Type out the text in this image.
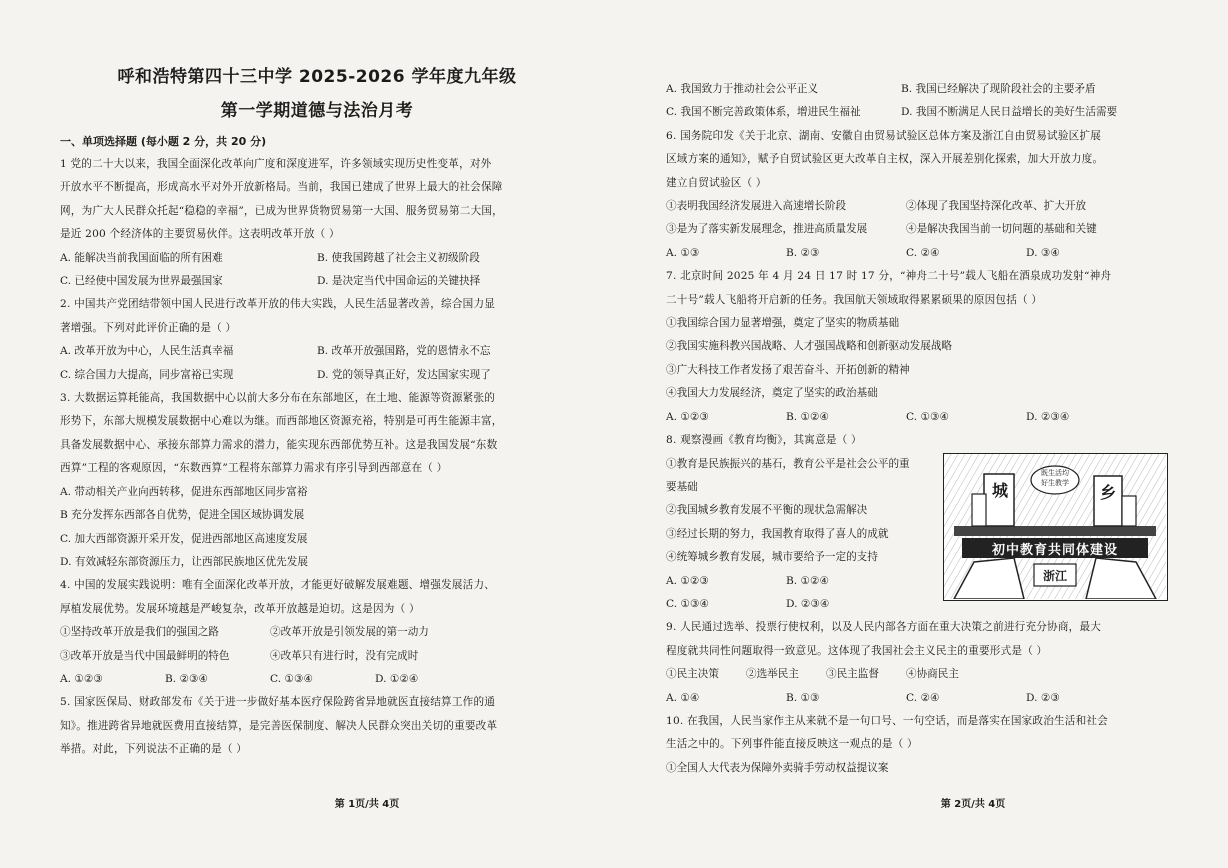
呼和浩特第四十三中学 2025-2026 学年度九年级
第一学期道德与法治月考
一、单项选择题 (每小题 2 分，共 20 分)
1 党的二十大以来，我国全面深化改革向广度和深度进军，许多领域实现历史性变革，对外
开放水平不断提高，形成高水平对外开放新格局。当前，我国已建成了世界上最大的社会保障
网，为广大人民群众托起“稳稳的幸福”，已成为世界货物贸易第一大国、服务贸易第二大国，
是近 200 个经济体的主要贸易伙伴。这表明改革开放（ ）
A. 能解决当前我国面临的所有困难	B. 使我国跨越了社会主义初级阶段
C. 已经使中国发展为世界最强国家	D. 是决定当代中国命运的关键抉择
2. 中国共产党团结带领中国人民进行改革开放的伟大实践，人民生活显著改善，综合国力显
著增强。下列对此评价正确的是（ ）
A. 改革开放为中心，人民生活真幸福	B. 改革开放强国路，党的恩情永不忘
C. 综合国力大提高，同步富裕已实现	D. 党的领导真正好，发达国家实现了
3. 大数据运算耗能高，我国数据中心以前大多分布在东部地区，在土地、能源等资源紧张的
形势下，东部大规模发展数据中心难以为继。而西部地区资源充裕，特别是可再生能源丰富，
具备发展数据中心、承接东部算力需求的潜力，能实现东西部优势互补。这是我国发展“东数
西算”工程的客观原因，“东数西算”工程将东部算力需求有序引导到西部意在（ ）
A. 带动相关产业向西转移，促进东西部地区同步富裕
B 充分发挥东西部各自优势，促进全国区域协调发展
C. 加大西部资源开采开发，促进西部地区高速度发展
D. 有效减轻东部资源压力，让西部民族地区优先发展
4. 中国的发展实践说明：唯有全面深化改革开放，才能更好破解发展难题、增强发展活力、
厚植发展优势。发展环境越是严峻复杂，改革开放越是迫切。这是因为（ ）
①坚持改革开放是我们的强国之路	②改革开放是引领发展的第一动力
③改革开放是当代中国最鲜明的特色	④改革只有进行时，没有完成时
A. ①②③	B. ②③④	C. ①③④	D. ①②④
5. 国家医保局、财政部发布《关于进一步做好基本医疗保险跨省异地就医直接结算工作的通
知》。推进跨省异地就医费用直接结算，是完善医保制度、解决人民群众突出关切的重要改革
举措。对此，下列说法不正确的是（ ）
第 1页/共 4页
A. 我国致力于推动社会公平正义	B. 我国已经解决了现阶段社会的主要矛盾
C. 我国不断完善政策体系，增进民生福祉	D. 我国不断满足人民日益增长的美好生活需要
6. 国务院印发《关于北京、湖南、安徽自由贸易试验区总体方案及浙江自由贸易试验区扩展
区域方案的通知》，赋予自贸试验区更大改革自主权，深入开展差别化探索，加大开放力度。
建立自贸试验区（ ）
①表明我国经济发展进入高速增长阶段	②体现了我国坚持深化改革、扩大开放
③是为了落实新发展理念，推进高质量发展	④是解决我国当前一切问题的基础和关键
A. ①③	B. ②③	C. ②④	D. ③④
7. 北京时间 2025 年 4 月 24 日 17 时 17 分，“神舟二十号”载人飞船在酒泉成功发射“神舟
二十号”载人飞船将开启新的任务。我国航天领域取得累累硕果的原因包括（ ）
①我国综合国力显著增强，奠定了坚实的物质基础
②我国实施科教兴国战略、人才强国战略和创新驱动发展战略
③广大科技工作者发扬了艰苦奋斗、开拓创新的精神
④我国大力发展经济，奠定了坚实的政治基础
A. ①②③	B. ①②④	C. ①③④	D. ②③④
8. 观察漫画《教育均衡》，其寓意是（ ）
①教育是民族振兴的基石，教育公平是社会公平的重
要基础
②我国城乡教育发展不平衡的现状急需解决
③经过长期的努力，我国教育取得了喜人的成就
④统筹城乡教育发展，城市要给予一定的支持
A. ①②③	B. ①②④
C. ①③④	D. ②③④
城	乡
既生活均
好生教学
初中教育共同体建设
浙江
9. 人民通过选举、投票行使权利，以及人民内部各方面在重大决策之前进行充分协商，最大
程度就共同性问题取得一致意见。这体现了我国社会主义民主的重要形式是（ ）
①民主决策	②选举民主	③民主监督	④协商民主
A. ①④	B. ①③	C. ②④	D. ②③
10. 在我国，人民当家作主从来就不是一句口号、一句空话，而是落实在国家政治生活和社会
生活之中的。下列事件能直接反映这一观点的是（ ）
①全国人大代表为保障外卖骑手劳动权益提议案
第 2页/共 4页
